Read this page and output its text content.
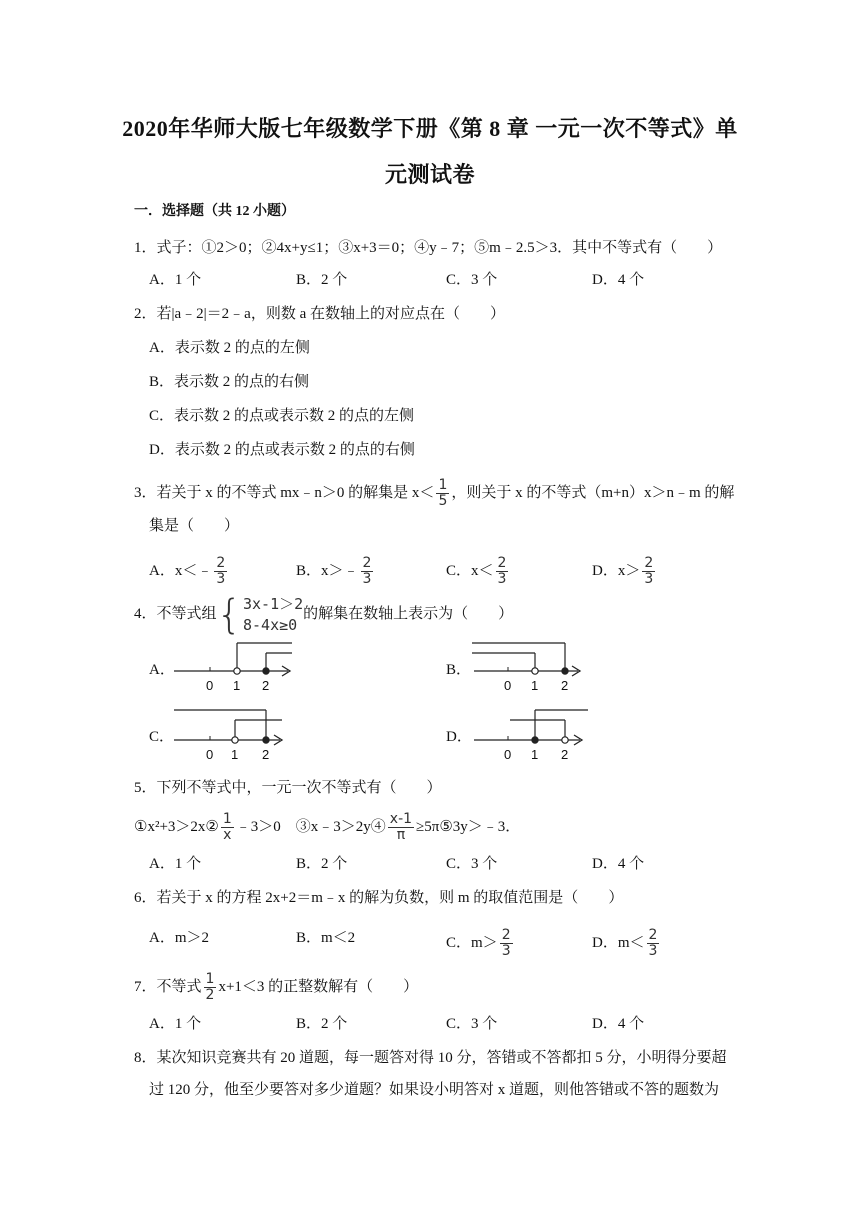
2020年华师大版七年级数学下册《第 8 章 一元一次不等式》单
元测试卷
一．选择题（共 12 小题）
1．式子：①2＞0；②4x+y≤1；③x+3＝0；④y﹣7；⑤m﹣2.5＞3．其中不等式有（　　）
A．1 个	B．2 个	C．3 个	D．4 个
2．若|a﹣2|＝2﹣a，则数 a 在数轴上的对应点在（　　）
A．表示数 2 的点的左侧
B．表示数 2 的点的右侧
C．表示数 2 的点或表示数 2 的点的左侧
D．表示数 2 的点或表示数 2 的点的右侧
3．若关于 x 的不等式 mx﹣n＞0 的解集是 $x< \frac{1}{5}$ ，则关于 x 的不等式（m+n）x＞n﹣m 的解
集是（　　）
A．x＜﹣ $\frac{2}{3}$	B．x＞﹣ $\frac{2}{3}$	C．$x< \frac{2}{3}$	D．$x> \frac{2}{3}$
4．不等式组 { 3x-1＞2
8-4x≥0
的解集在数轴上表示为（　　）
A．	B．
C．	D．
0 1 2	0 1 2
0 1 2	0 1 2
5．下列不等式中，一元一次不等式有（　　）
①x²+3＞2x② $\frac{1}{x}$ ﹣3＞0　③x﹣3＞2y④ $\frac{x-1}{\pi}$ ≥5π⑤3y＞﹣3．
A．1 个	B．2 个	C．3 个	D．4 个
6．若关于 x 的方程 2x+2＝m﹣x 的解为负数，则 m 的取值范围是（　　）
A．m＞2	B．m＜2	C．$m> \frac{2}{3}$	D．$m< \frac{2}{3}$
7．不等式 $\frac{1}{2} x+1<3$ 的正整数解有（　　）
A．1 个	B．2 个	C．3 个	D．4 个
8．某次知识竞赛共有 20 道题，每一题答对得 10 分，答错或不答都扣 5 分，小明得分要超
过 120 分，他至少要答对多少道题？如果设小明答对 x 道题，则他答错或不答的题数为
